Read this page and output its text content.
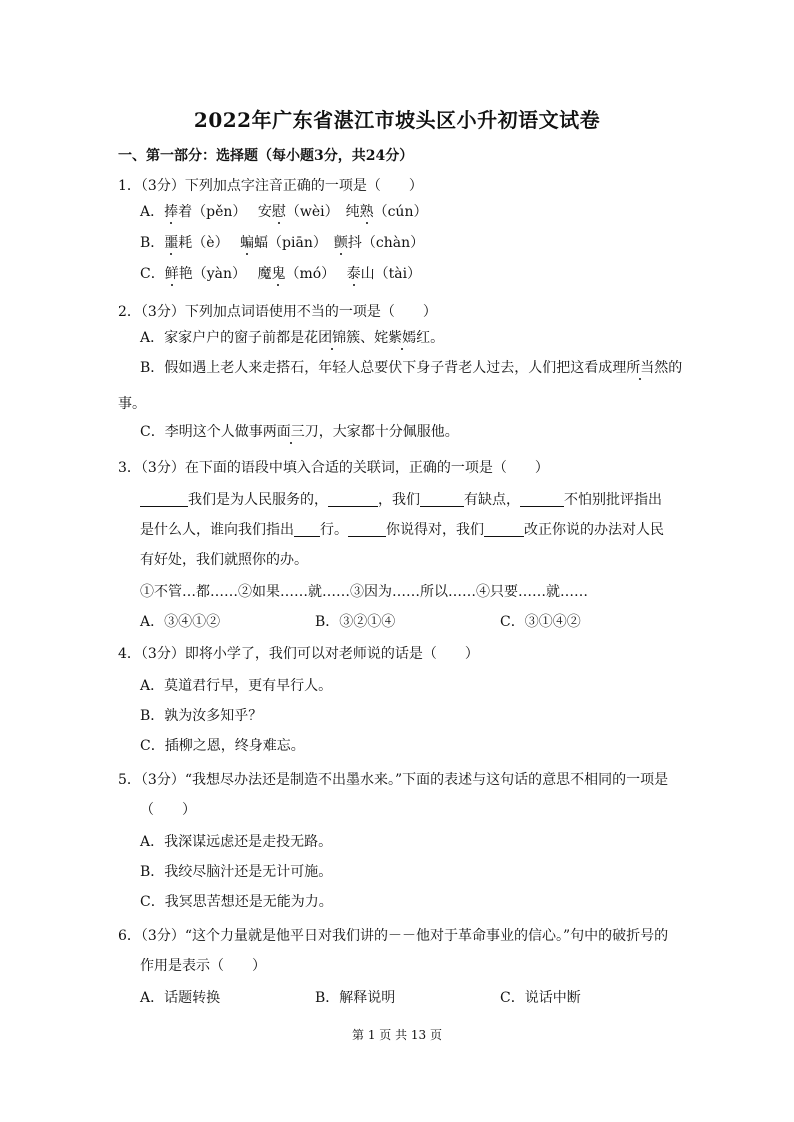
2022年广东省湛江市坡头区小升初语文试卷
一、第一部分：选择题（每小题3分，共24分）
1．（3分）下列加点字注音正确的一项是（　　）
A．捧着（pěn）　 安慰（wèi）　纯熟（cún）
B．噩耗（è）　 蝙蝠（piān）　颤抖（chàn）
C．鲜艳（yàn）　 魔鬼（mó）　 泰山（tài）
2．（3分）下列加点词语使用不当的一项是（　　）
A．家家户户的窗子前都是花团锦簇、姹紫嫣红。
B．假如遇上老人来走搭石，年轻人总要伏下身子背老人过去，人们把这看成理所当然的
事。
C．李明这个人做事两面三刀，大家都十分佩服他。
3．（3分）在下面的语段中填入合适的关联词，正确的一项是（　　）
我们是为人民服务的，	，我们	有缺点，	不怕别批评指出
是什么人，谁向我们指出 行。	你说得对，我们	改正你说的办法对人民
有好处，我们就照你的办。
①不管…都……②如果……就……③因为……所以……④只要……就……
A．③④①②	B．③②①④	C．③①④②
4．（3分）即将小学了，我们可以对老师说的话是（　　）
A．莫道君行早，更有早行人。
B．孰为汝多知乎？
C．插柳之恩，终身难忘。
5．（3分）“我想尽办法还是制造不出墨水来。”下面的表述与这句话的意思不相同的一项是
（　　）
A．我深谋远虑还是走投无路。
B．我绞尽脑汁还是无计可施。
C．我冥思苦想还是无能为力。
6．（3分）“这个力量就是他平日对我们讲的－－他对于革命事业的信心。”句中的破折号的
作用是表示（　　）
A．话题转换	B．解释说明	C．说话中断
第 1 页 共 13 页
